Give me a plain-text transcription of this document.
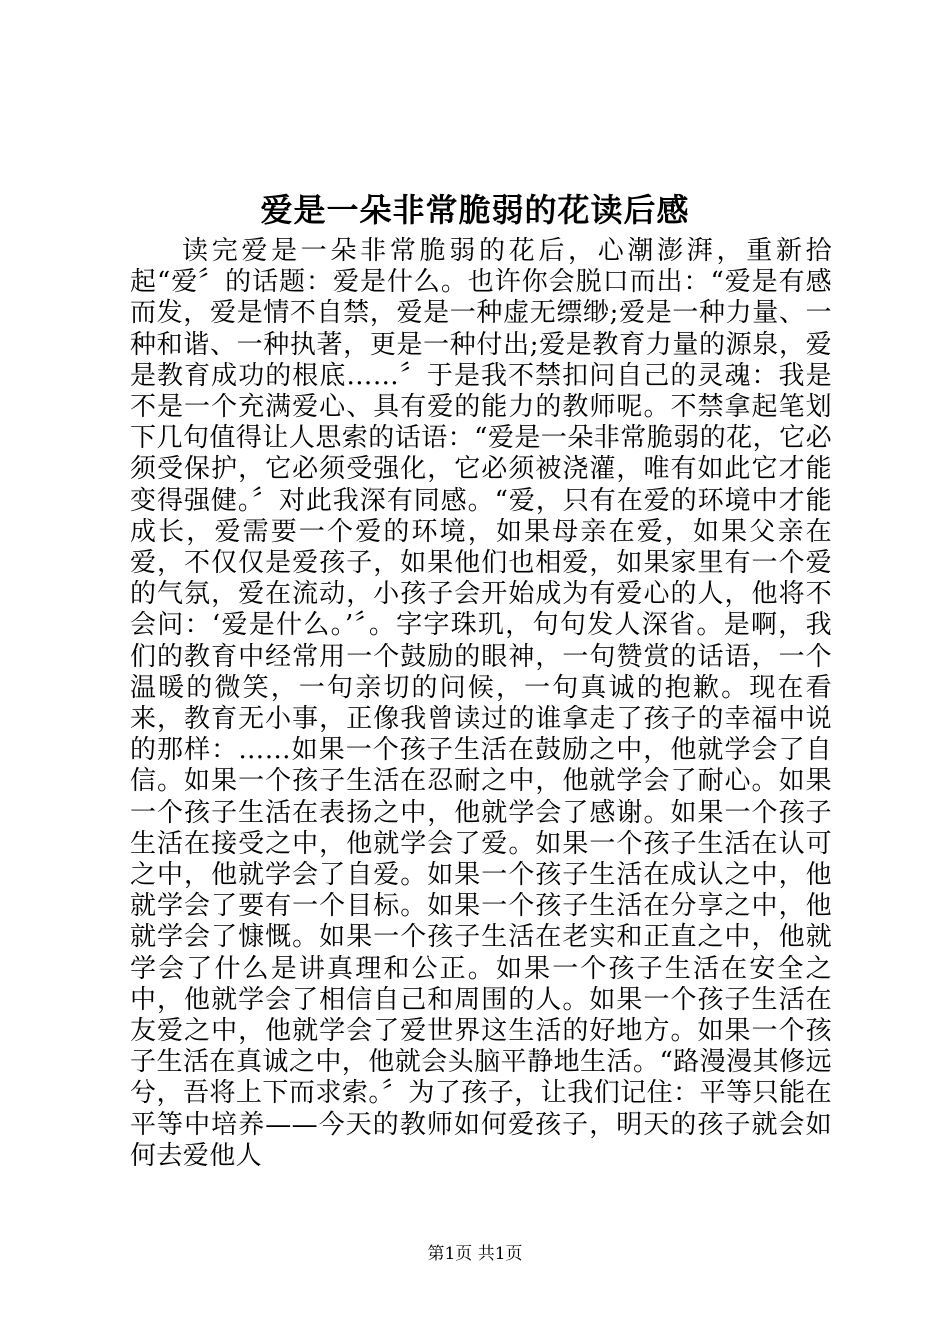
爱是一朵非常脆弱的花读后感

读完爱是一朵非常脆弱的花后，心潮澎湃，重新拾起“爱〞的话题：爱是什么。也许你会脱口而出：“爱是有感而发，爱是情不自禁，爱是一种虚无缥缈;爱是一种力量、一种和谐、一种执著，更是一种付出;爱是教育力量的源泉，爱是教育成功的根底……〞于是我不禁扣问自己的灵魂：我是不是一个充满爱心、具有爱的能力的教师呢。不禁拿起笔划下几句值得让人思索的话语：“爱是一朵非常脆弱的花，它必须受保护，它必须受强化，它必须被浇灌，唯有如此它才能变得强健。〞对此我深有同感。“爱，只有在爱的环境中才能成长，爱需要一个爱的环境，如果母亲在爱，如果父亲在爱，不仅仅是爱孩子，如果他们也相爱，如果家里有一个爱的气氛，爱在流动，小孩子会开始成为有爱心的人，他将不会问：‘爱是什么。’〞。字字珠玑，句句发人深省。是啊，我们的教育中经常用一个鼓励的眼神，一句赞赏的话语，一个温暖的微笑，一句亲切的问候，一句真诚的抱歉。现在看来，教育无小事，正像我曾读过的谁拿走了孩子的幸福中说的那样：……如果一个孩子生活在鼓励之中，他就学会了自信。如果一个孩子生活在忍耐之中，他就学会了耐心。如果一个孩子生活在表扬之中，他就学会了感谢。如果一个孩子生活在接受之中，他就学会了爱。如果一个孩子生活在认可之中，他就学会了自爱。如果一个孩子生活在成认之中，他就学会了要有一个目标。如果一个孩子生活在分享之中，他就学会了慷慨。如果一个孩子生活在老实和正直之中，他就学会了什么是讲真理和公正。如果一个孩子生活在安全之中，他就学会了相信自己和周围的人。如果一个孩子生活在友爱之中，他就学会了爱世界这生活的好地方。如果一个孩子生活在真诚之中，他就会头脑平静地生活。“路漫漫其修远兮，吾将上下而求索。〞为了孩子，让我们记住：平等只能在平等中培养——今天的教师如何爱孩子，明天的孩子就会如何去爱他人

第1页 共1页
